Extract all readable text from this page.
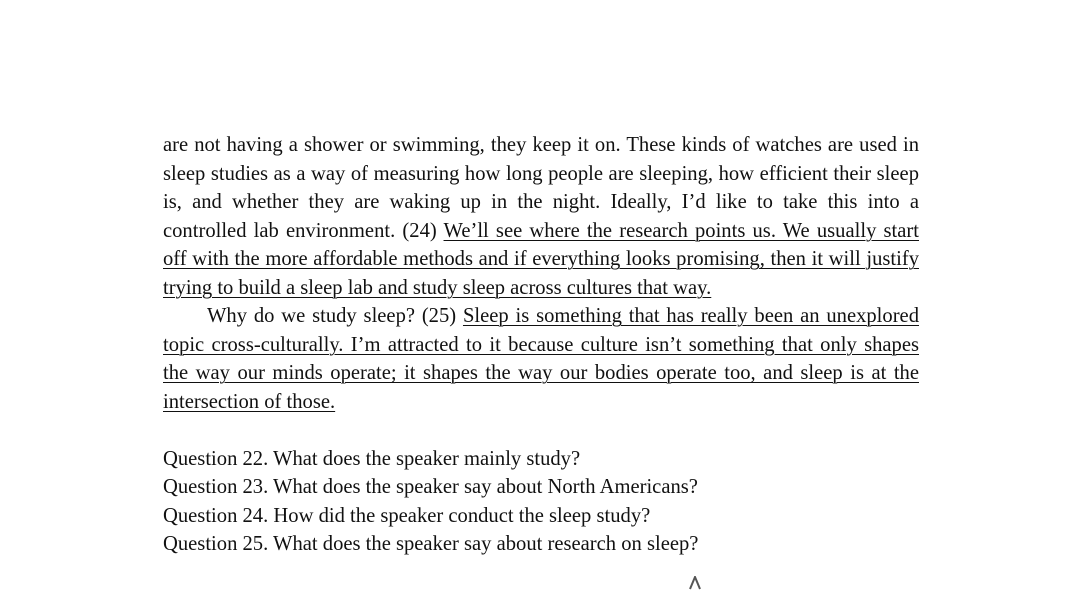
are not having a shower or swimming, they keep it on. These kinds of watches are used in sleep studies as a way of measuring how long people are sleeping, how efficient their sleep is, and whether they are waking up in the night. Ideally, I’d like to take this into a controlled lab environment. (24) We’ll see where the research points us. We usually start off with the more affordable methods and if everything looks promising, then it will justify trying to build a sleep lab and study sleep across cultures that way.

Why do we study sleep? (25) Sleep is something that has really been an unexplored topic cross-culturally. I’m attracted to it because culture isn’t something that only shapes the way our minds operate; it shapes the way our bodies operate too, and sleep is at the intersection of those.

Question 22. What does the speaker mainly study?

Question 23. What does the speaker say about North Americans?

Question 24. How did the speaker conduct the sleep study?

Question 25. What does the speaker say about research on sleep?
